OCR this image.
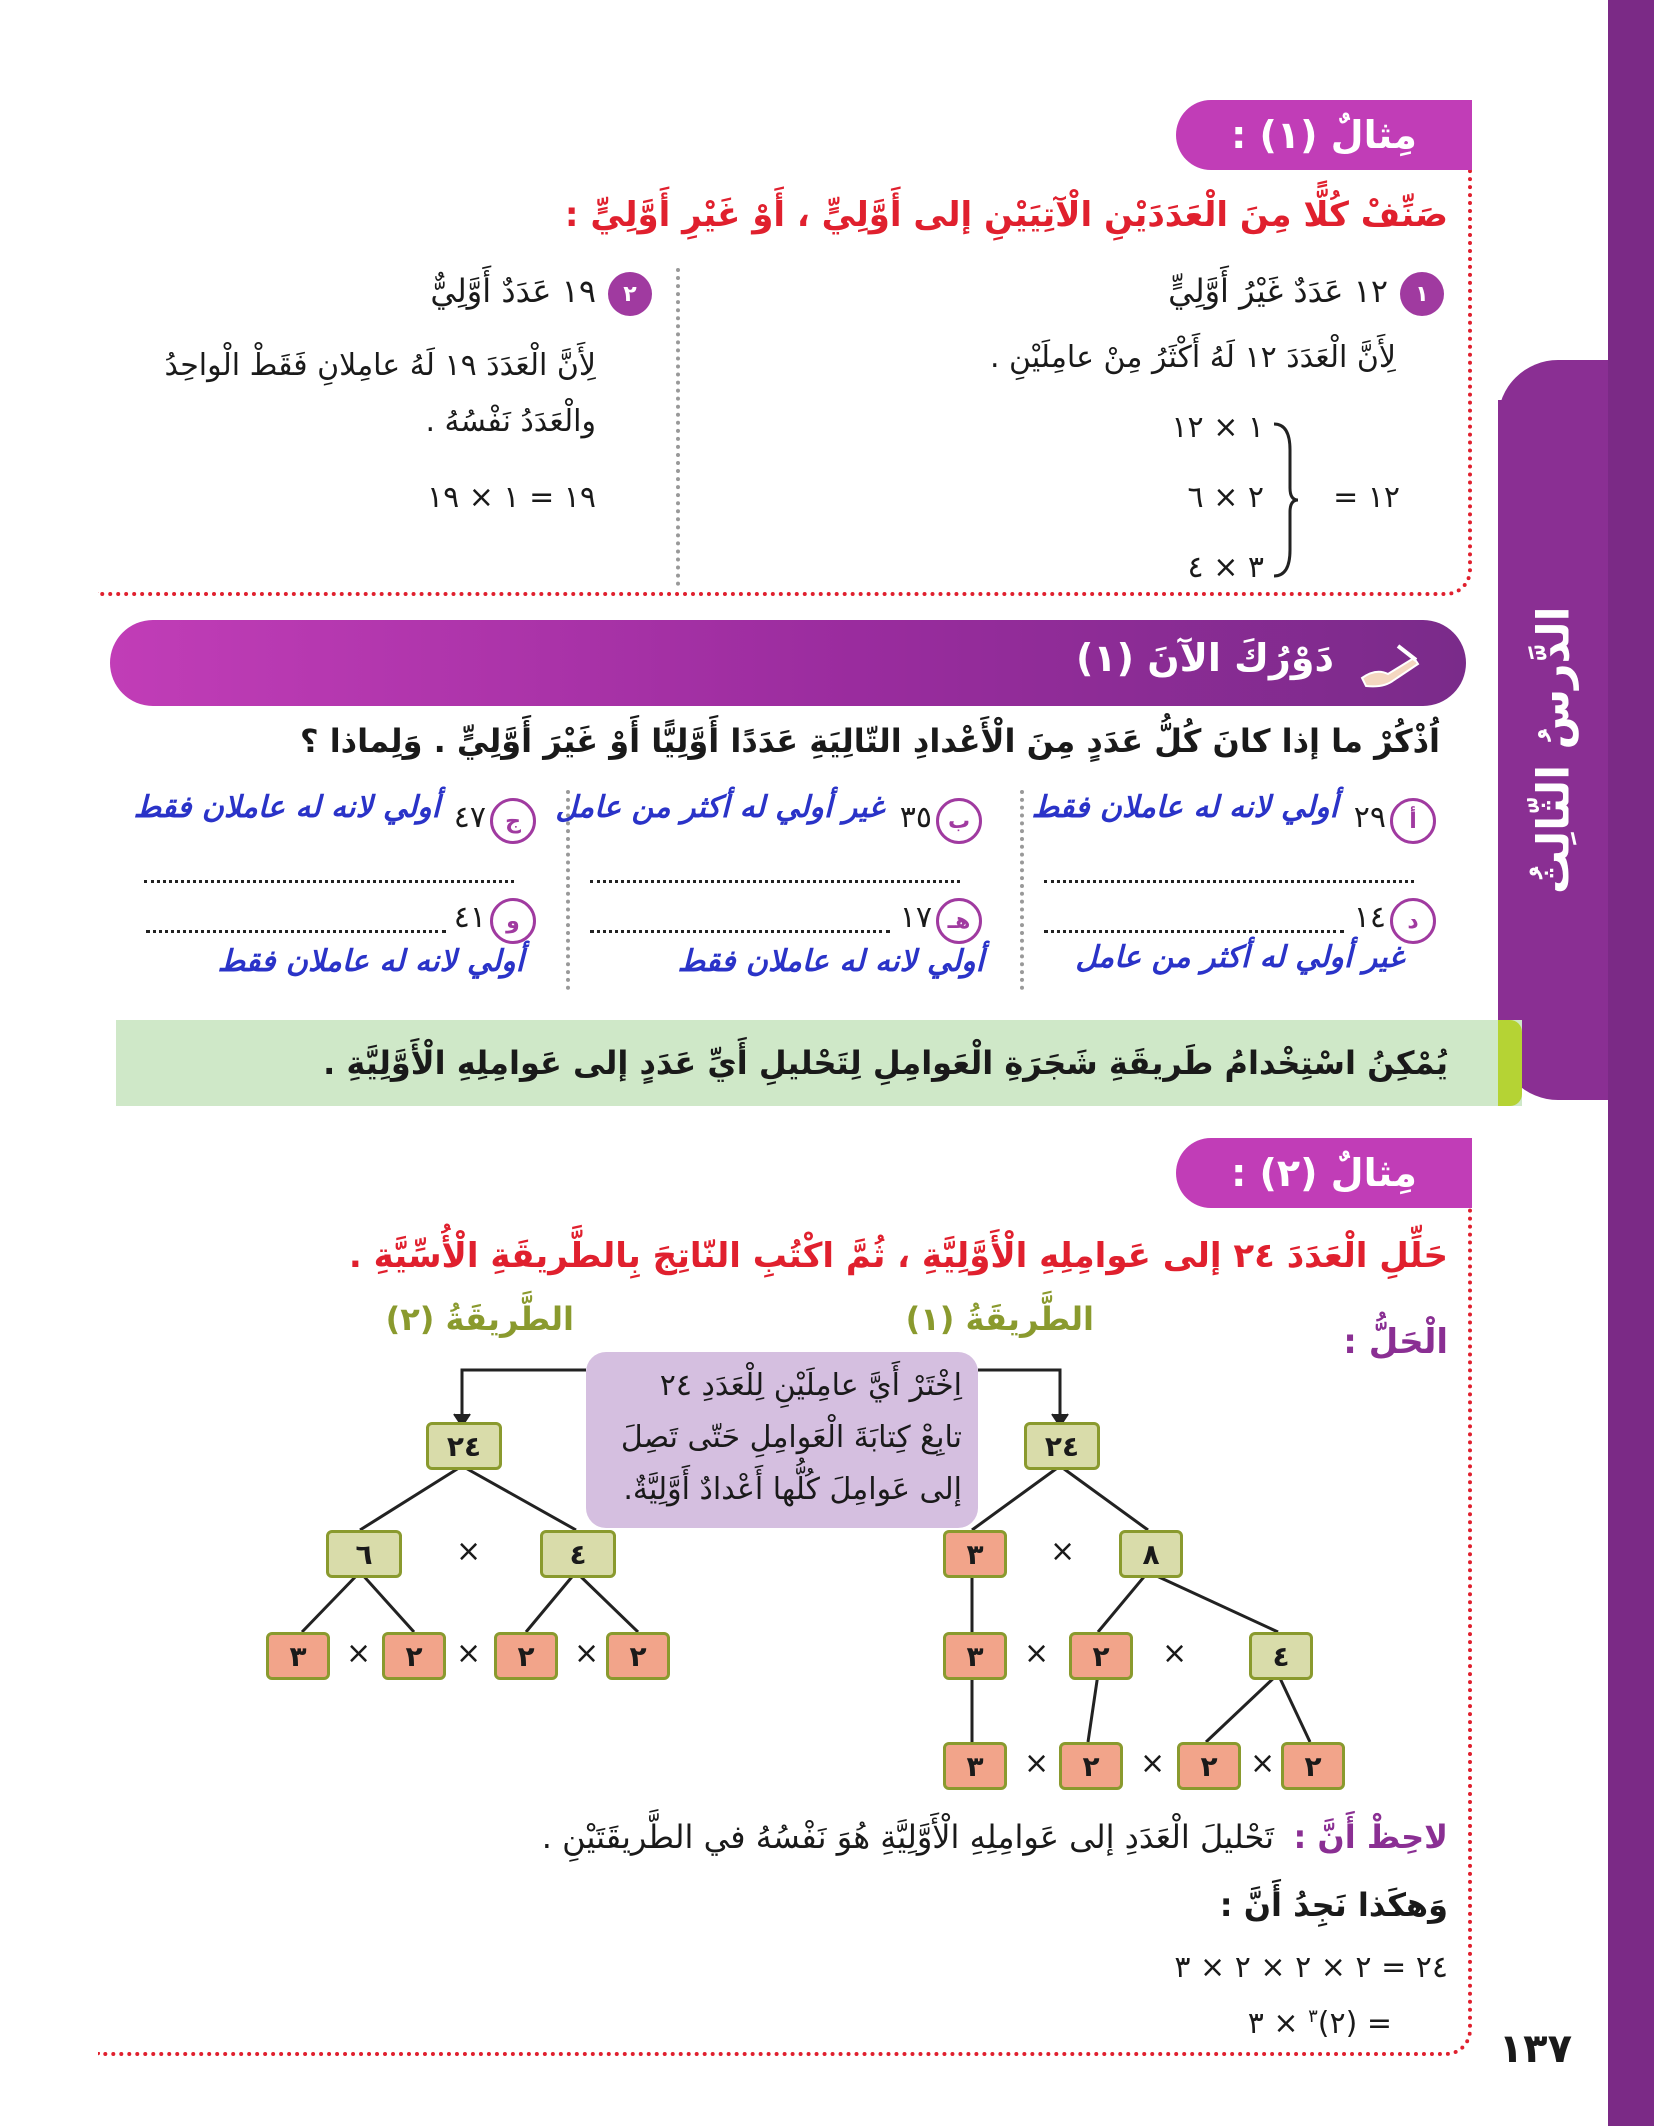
الدَّرسُ الثّالِثُ
مِثالٌ (١) :
صَنِّفْ كُلًّا مِنَ الْعَدَدَيْنِ الْآتِيَيْنِ إلى أَوَّلِيٍّ ، أَوْ غَيْرِ أَوَّلِيٍّ :
١
١٢ عَدَدٌ غَيْرُ أَوَّلِيٍّ
لِأَنَّ الْعَدَدَ ١٢ لَهُ أَكْثَرُ مِنْ عامِلَيْنِ .
١٢ =
١ × ١٢
٢ × ٦
٣ × ٤
٢
١٩ عَدَدٌ أَوَّلِيٌّ
لِأَنَّ الْعَدَدَ ١٩ لَهُ عامِلانِ فَقَطْ الْواحِدُ
والْعَدَدُ نَفْسُهُ .
١٩ = ١ × ١٩
دَوْرُكَ الآنَ (١)
اُذْكُرْ ما إذا كانَ كُلُّ عَدَدٍ مِنَ الْأَعْدادِ التّالِيَةِ عَدَدًا أَوَّلِيًّا أَوْ غَيْرَ أَوَّلِيٍّ . وَلِماذا ؟
أ
٢٩
أولي لانه له عاملان فقط
ب
٣٥
غير أولي له أكثر من عامل
ج
٤٧
أولي لانه له عاملان فقط
د
١٤
غير أولي له أكثر من عامل
هـ
١٧
أولي لانه له عاملان فقط
و
٤١
أولي لانه له عاملان فقط
يُمْكِنُ اسْتِخْدامُ طَريقَةِ شَجَرَةِ الْعَوامِلِ لِتَحْليلِ أَيِّ عَدَدٍ إلى عَوامِلِهِ الْأَوَّلِيَّةِ .
مِثالٌ (٢) :
حَلِّلِ الْعَدَدَ ٢٤ إلى عَوامِلِهِ الْأَوَّلِيَّةِ ، ثُمَّ اكْتُبِ النّاتِجَ بِالطَّريقَةِ الْأُسِّيَّةِ .
الْحَلُّ :
الطَّريقَةُ (١)
الطَّريقَةُ (٢)
اِخْتَرْ أَيَّ عامِلَيْنِ لِلْعَدَدِ ٢٤
تابِعْ كِتابَةَ الْعَوامِلِ حَتّى تَصِلَ
إلى عَوامِلَ كُلُّها أَعْدادٌ أَوَّلِيَّةٌ.
٢٤
٣	×	٨
٣	×	٢	×	٤
٣	×	٢	×	٢	×	٢
٢٤
٦	×	٤
٣	×	٢	×	٢	×	٢
لاحِظْ أَنَّ :
تَحْليلَ الْعَدَدِ إلى عَوامِلِهِ الْأَوَّلِيَّةِ هُوَ نَفْسُهُ في الطَّريقَتَيْنِ .
وَهكَذا نَجِدُ أَنَّ :
٢٤ = ٢ × ٢ × ٢ × ٣
= (٢)$^٣$ × ٣
١٣٧
